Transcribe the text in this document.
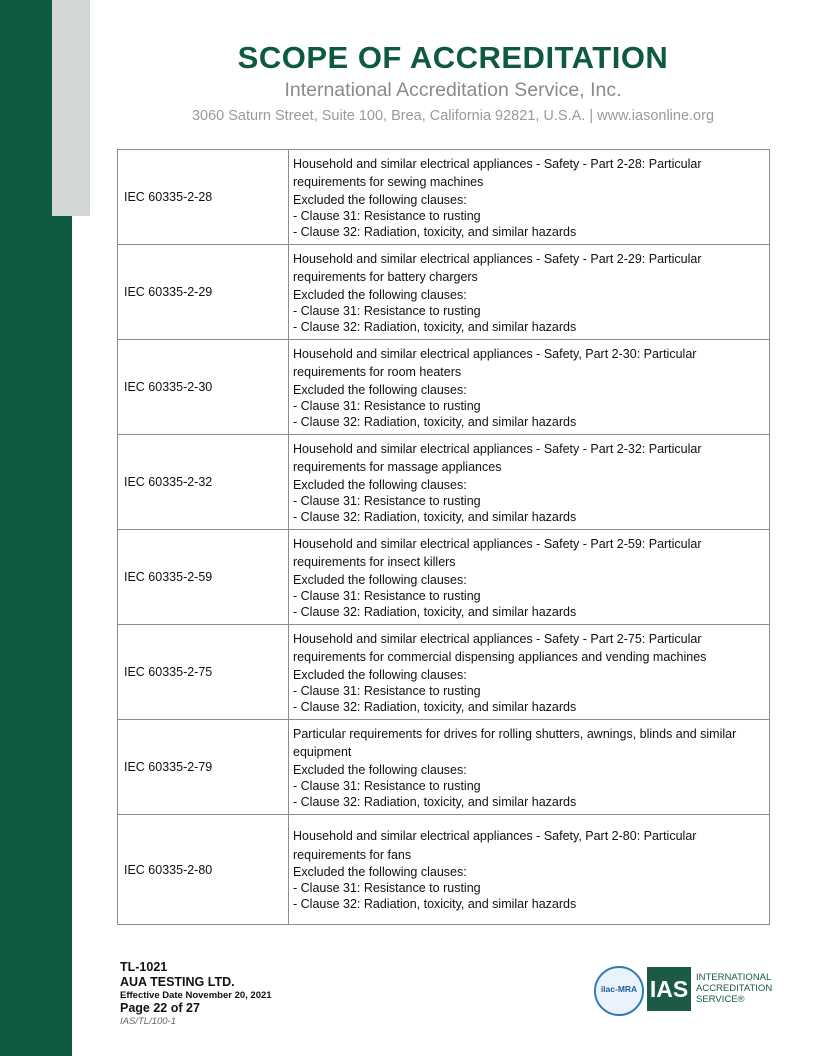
SCOPE OF ACCREDITATION
International Accreditation Service, Inc.
3060 Saturn Street, Suite 100, Brea, California 92821, U.S.A. | www.iasonline.org
IEC 60335-2-28	Household and similar electrical appliances - Safety - Part 2-28: Particular requirements for sewing machines
Excluded the following clauses:
- Clause 31: Resistance to rusting
- Clause 32: Radiation, toxicity, and similar hazards

IEC 60335-2-29	Household and similar electrical appliances - Safety - Part 2-29: Particular requirements for battery chargers
Excluded the following clauses:
- Clause 31: Resistance to rusting
- Clause 32: Radiation, toxicity, and similar hazards

IEC 60335-2-30	Household and similar electrical appliances - Safety, Part 2-30: Particular requirements for room heaters
Excluded the following clauses:
- Clause 31: Resistance to rusting
- Clause 32: Radiation, toxicity, and similar hazards

IEC 60335-2-32	Household and similar electrical appliances - Safety - Part 2-32: Particular requirements for massage appliances
Excluded the following clauses:
- Clause 31: Resistance to rusting
- Clause 32: Radiation, toxicity, and similar hazards

IEC 60335-2-59	Household and similar electrical appliances - Safety - Part 2-59: Particular requirements for insect killers
Excluded the following clauses:
- Clause 31: Resistance to rusting
- Clause 32: Radiation, toxicity, and similar hazards

IEC 60335-2-75	Household and similar electrical appliances - Safety - Part 2-75: Particular requirements for commercial dispensing appliances and vending machines
Excluded the following clauses:
- Clause 31: Resistance to rusting
- Clause 32: Radiation, toxicity, and similar hazards

IEC 60335-2-79	Particular requirements for drives for rolling shutters, awnings, blinds and similar equipment
Excluded the following clauses:
- Clause 31: Resistance to rusting
- Clause 32: Radiation, toxicity, and similar hazards

IEC 60335-2-80	Household and similar electrical appliances - Safety, Part 2-80: Particular requirements for fans
Excluded the following clauses:
- Clause 31: Resistance to rusting
- Clause 32: Radiation, toxicity, and similar hazards
TL-1021
AUA TESTING LTD.
Effective Date November 20, 2021
Page 22 of 27
IAS/TL/100-1
ilac-MRA IAS INTERNATIONAL
ACCREDITATION
SERVICE®
